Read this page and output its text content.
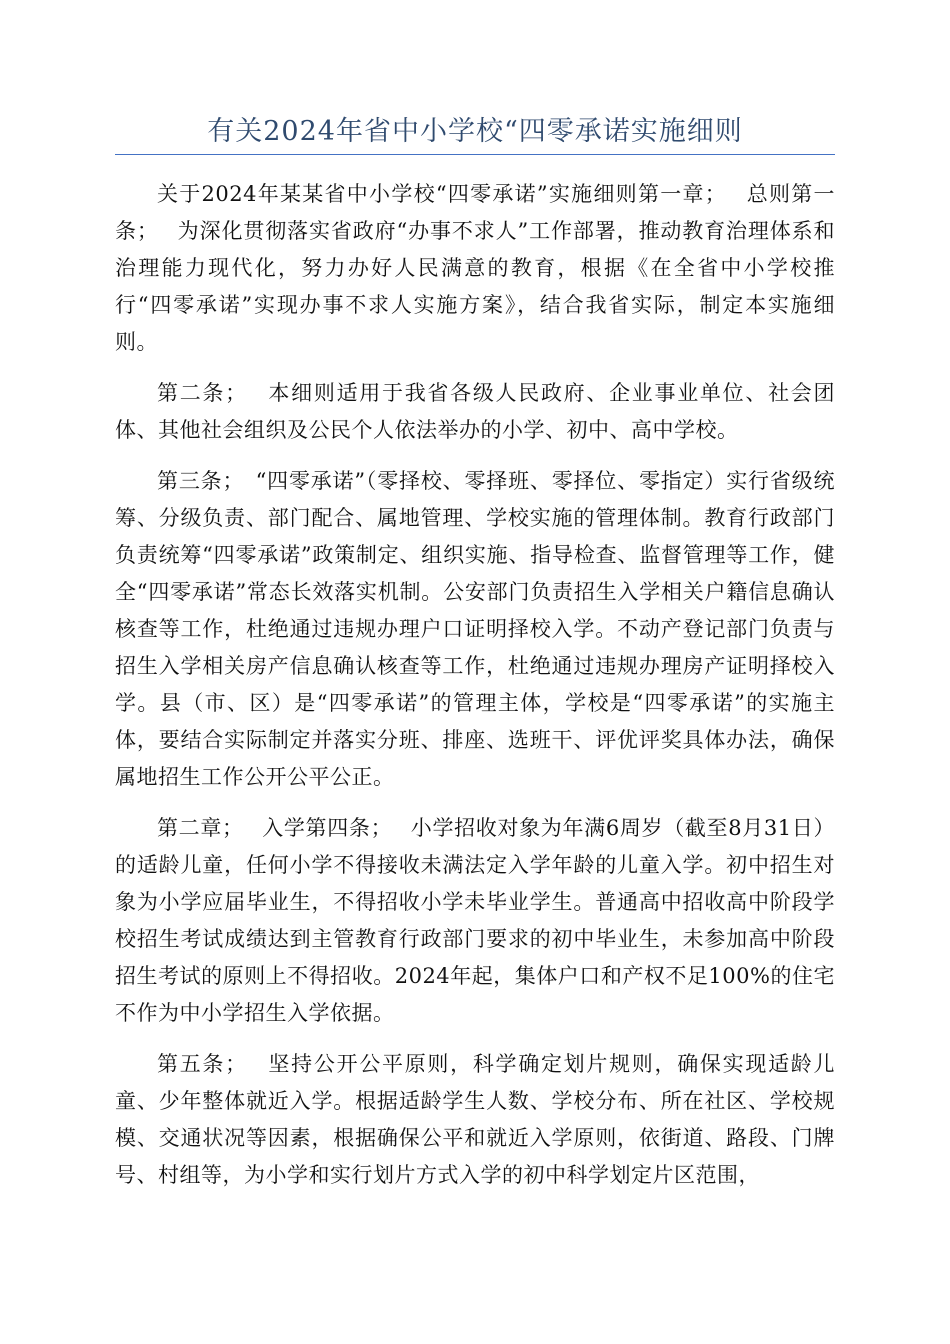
有关2024年省中小学校“四零承诺实施细则

关于2024年某某省中小学校“四零承诺”实施细则第一章；　 总则第一条；　 为深化贯彻落实省政府“办事不求人”工作部署，推动教育治理体系和治理能力现代化，努力办好人民满意的教育，根据《在全省中小学校推行“四零承诺”实现办事不求人实施方案》，结合我省实际，制定本实施细则。

第二条；　 本细则适用于我省各级人民政府、企业事业单位、社会团体、其他社会组织及公民个人依法举办的小学、初中、高中学校。

第三条；　“四零承诺”（零择校、零择班、零择位、零指定）实行省级统筹、分级负责、部门配合、属地管理、学校实施的管理体制。教育行政部门负责统筹“四零承诺”政策制定、组织实施、指导检查、监督管理等工作，健全“四零承诺”常态长效落实机制。公安部门负责招生入学相关户籍信息确认核查等工作，杜绝通过违规办理户口证明择校入学。不动产登记部门负责与招生入学相关房产信息确认核查等工作，杜绝通过违规办理房产证明择校入学。县（市、区）是“四零承诺”的管理主体，学校是“四零承诺”的实施主体，要结合实际制定并落实分班、排座、选班干、评优评奖具体办法，确保属地招生工作公开公平公正。

第二章；　 入学第四条；　 小学招收对象为年满6周岁（截至8月31日）的适龄儿童，任何小学不得接收未满法定入学年龄的儿童入学。初中招生对象为小学应届毕业生，不得招收小学未毕业学生。普通高中招收高中阶段学校招生考试成绩达到主管教育行政部门要求的初中毕业生，未参加高中阶段招生考试的原则上不得招收。2024年起，集体户口和产权不足100%的住宅不作为中小学招生入学依据。

第五条；　 坚持公开公平原则，科学确定划片规则，确保实现适龄儿童、少年整体就近入学。根据适龄学生人数、学校分布、所在社区、学校规模、交通状况等因素，根据确保公平和就近入学原则，依街道、路段、门牌号、村组等，为小学和实行划片方式入学的初中科学划定片区范围，
